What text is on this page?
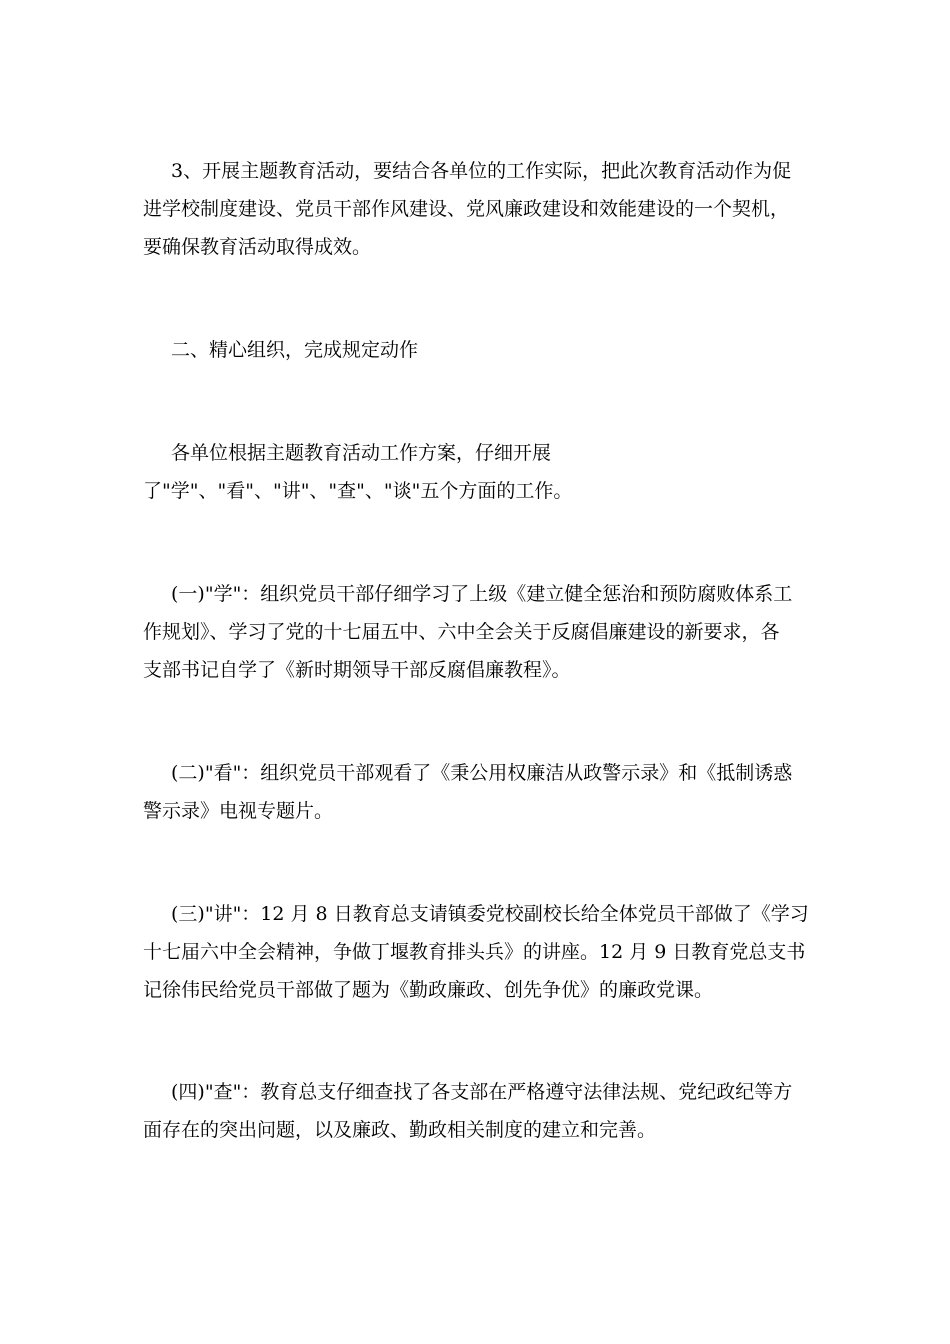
3、开展主题教育活动，要结合各单位的工作实际，把此次教育活动作为促
进学校制度建设、党员干部作风建设、党风廉政建设和效能建设的一个契机，
要确保教育活动取得成效。
二、精心组织，完成规定动作
各单位根据主题教育活动工作方案，仔细开展
了"学"、"看"、"讲"、"查"、"谈"五个方面的工作。
(一)"学"：组织党员干部仔细学习了上级《建立健全惩治和预防腐败体系工
作规划》、学习了党的十七届五中、六中全会关于反腐倡廉建设的新要求，各
支部书记自学了《新时期领导干部反腐倡廉教程》。
(二)"看"：组织党员干部观看了《秉公用权廉洁从政警示录》和《抵制诱惑
警示录》电视专题片。
(三)"讲"：12 月 8 日教育总支请镇委党校副校长给全体党员干部做了《学习
十七届六中全会精神，争做丁堰教育排头兵》的讲座。12 月 9 日教育党总支书
记徐伟民给党员干部做了题为《勤政廉政、创先争优》的廉政党课。
(四)"查"：教育总支仔细查找了各支部在严格遵守法律法规、党纪政纪等方
面存在的突出问题，以及廉政、勤政相关制度的建立和完善。
